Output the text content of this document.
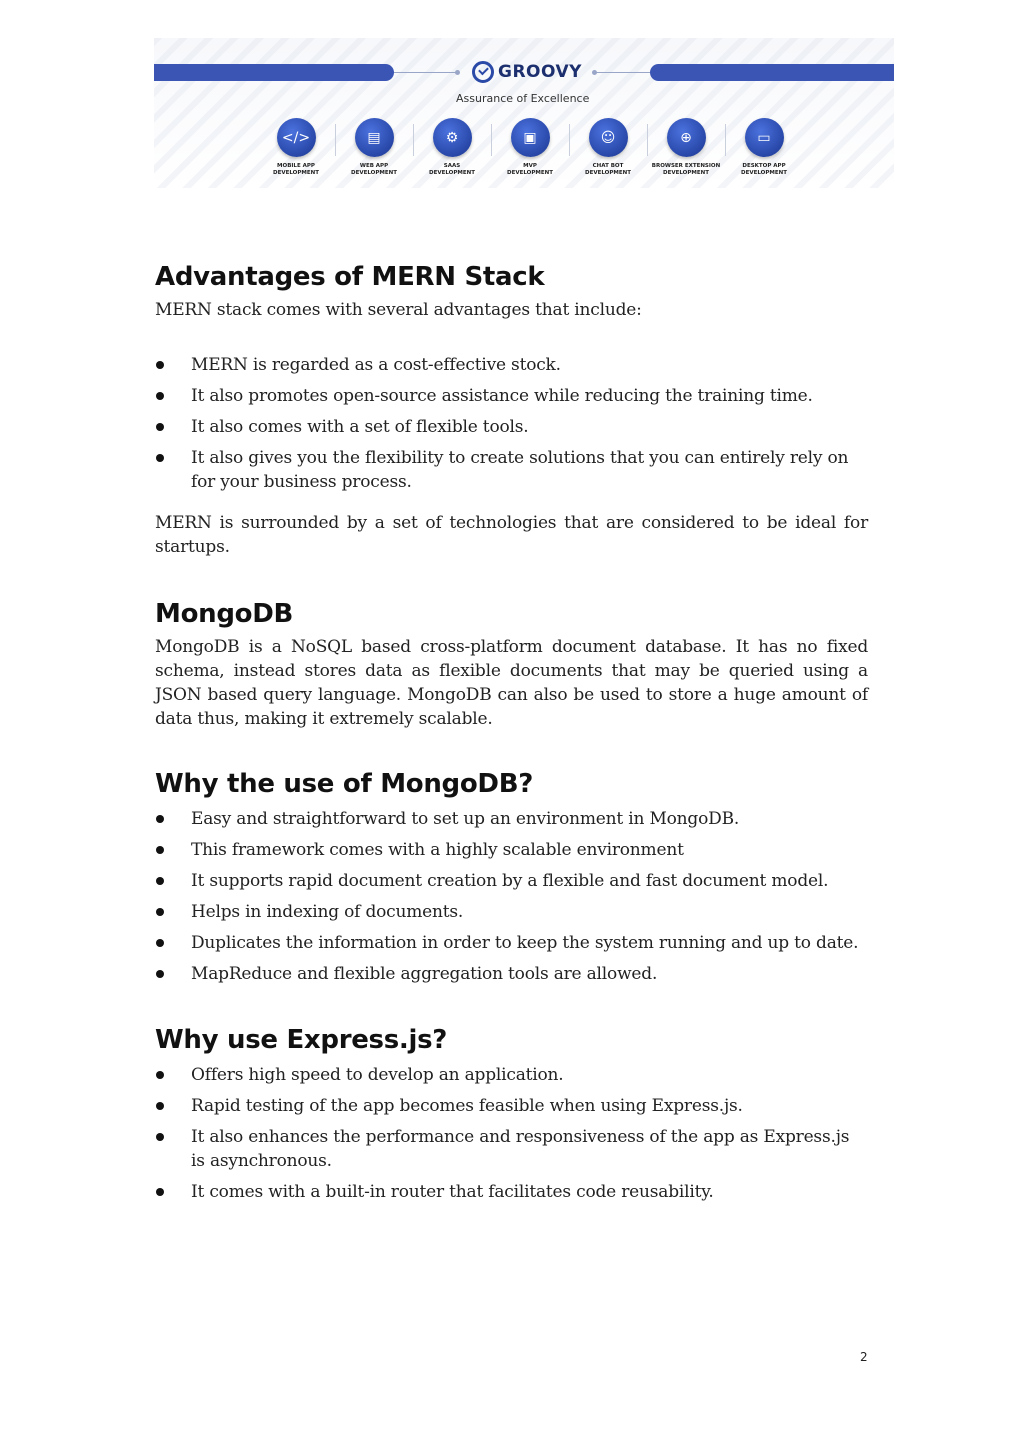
GROOVY
Assurance of Excellence
</>
MOBILE APP
DEVELOPMENT
▤
WEB APP
DEVELOPMENT
⚙
SAAS
DEVELOPMENT
▣
MVP
DEVELOPMENT
☺
CHAT BOT
DEVELOPMENT
⊕
BROWSER EXTENSION
DEVELOPMENT
▭
DESKTOP APP
DEVELOPMENT
Advantages of MERN Stack

MERN stack comes with several advantages that include:

MERN is regarded as a cost-effective stock.
It also promotes open-source assistance while reducing the training time.
It also comes with a set of flexible tools.
It also gives you the flexibility to create solutions that you can entirely rely on for your business process.

MERN is surrounded by a set of technologies that are considered to be ideal for startups.

MongoDB

MongoDB is a NoSQL based cross-platform document database. It has no fixed schema, instead stores data as flexible documents that may be queried using a JSON based query language. MongoDB can also be used to store a huge amount of data thus, making it extremely scalable.

Why the use of MongoDB?
Easy and straightforward to set up an environment in MongoDB.
This framework comes with a highly scalable environment
It supports rapid document creation by a flexible and fast document model.
Helps in indexing of documents.
Duplicates the information in order to keep the system running and up to date.
MapReduce and flexible aggregation tools are allowed.
Why use Express.js?
Offers high speed to develop an application.
Rapid testing of the app becomes feasible when using Express.js.
It also enhances the performance and responsiveness of the app as Express.js is asynchronous.
It comes with a built-in router that facilitates code reusability.
2
